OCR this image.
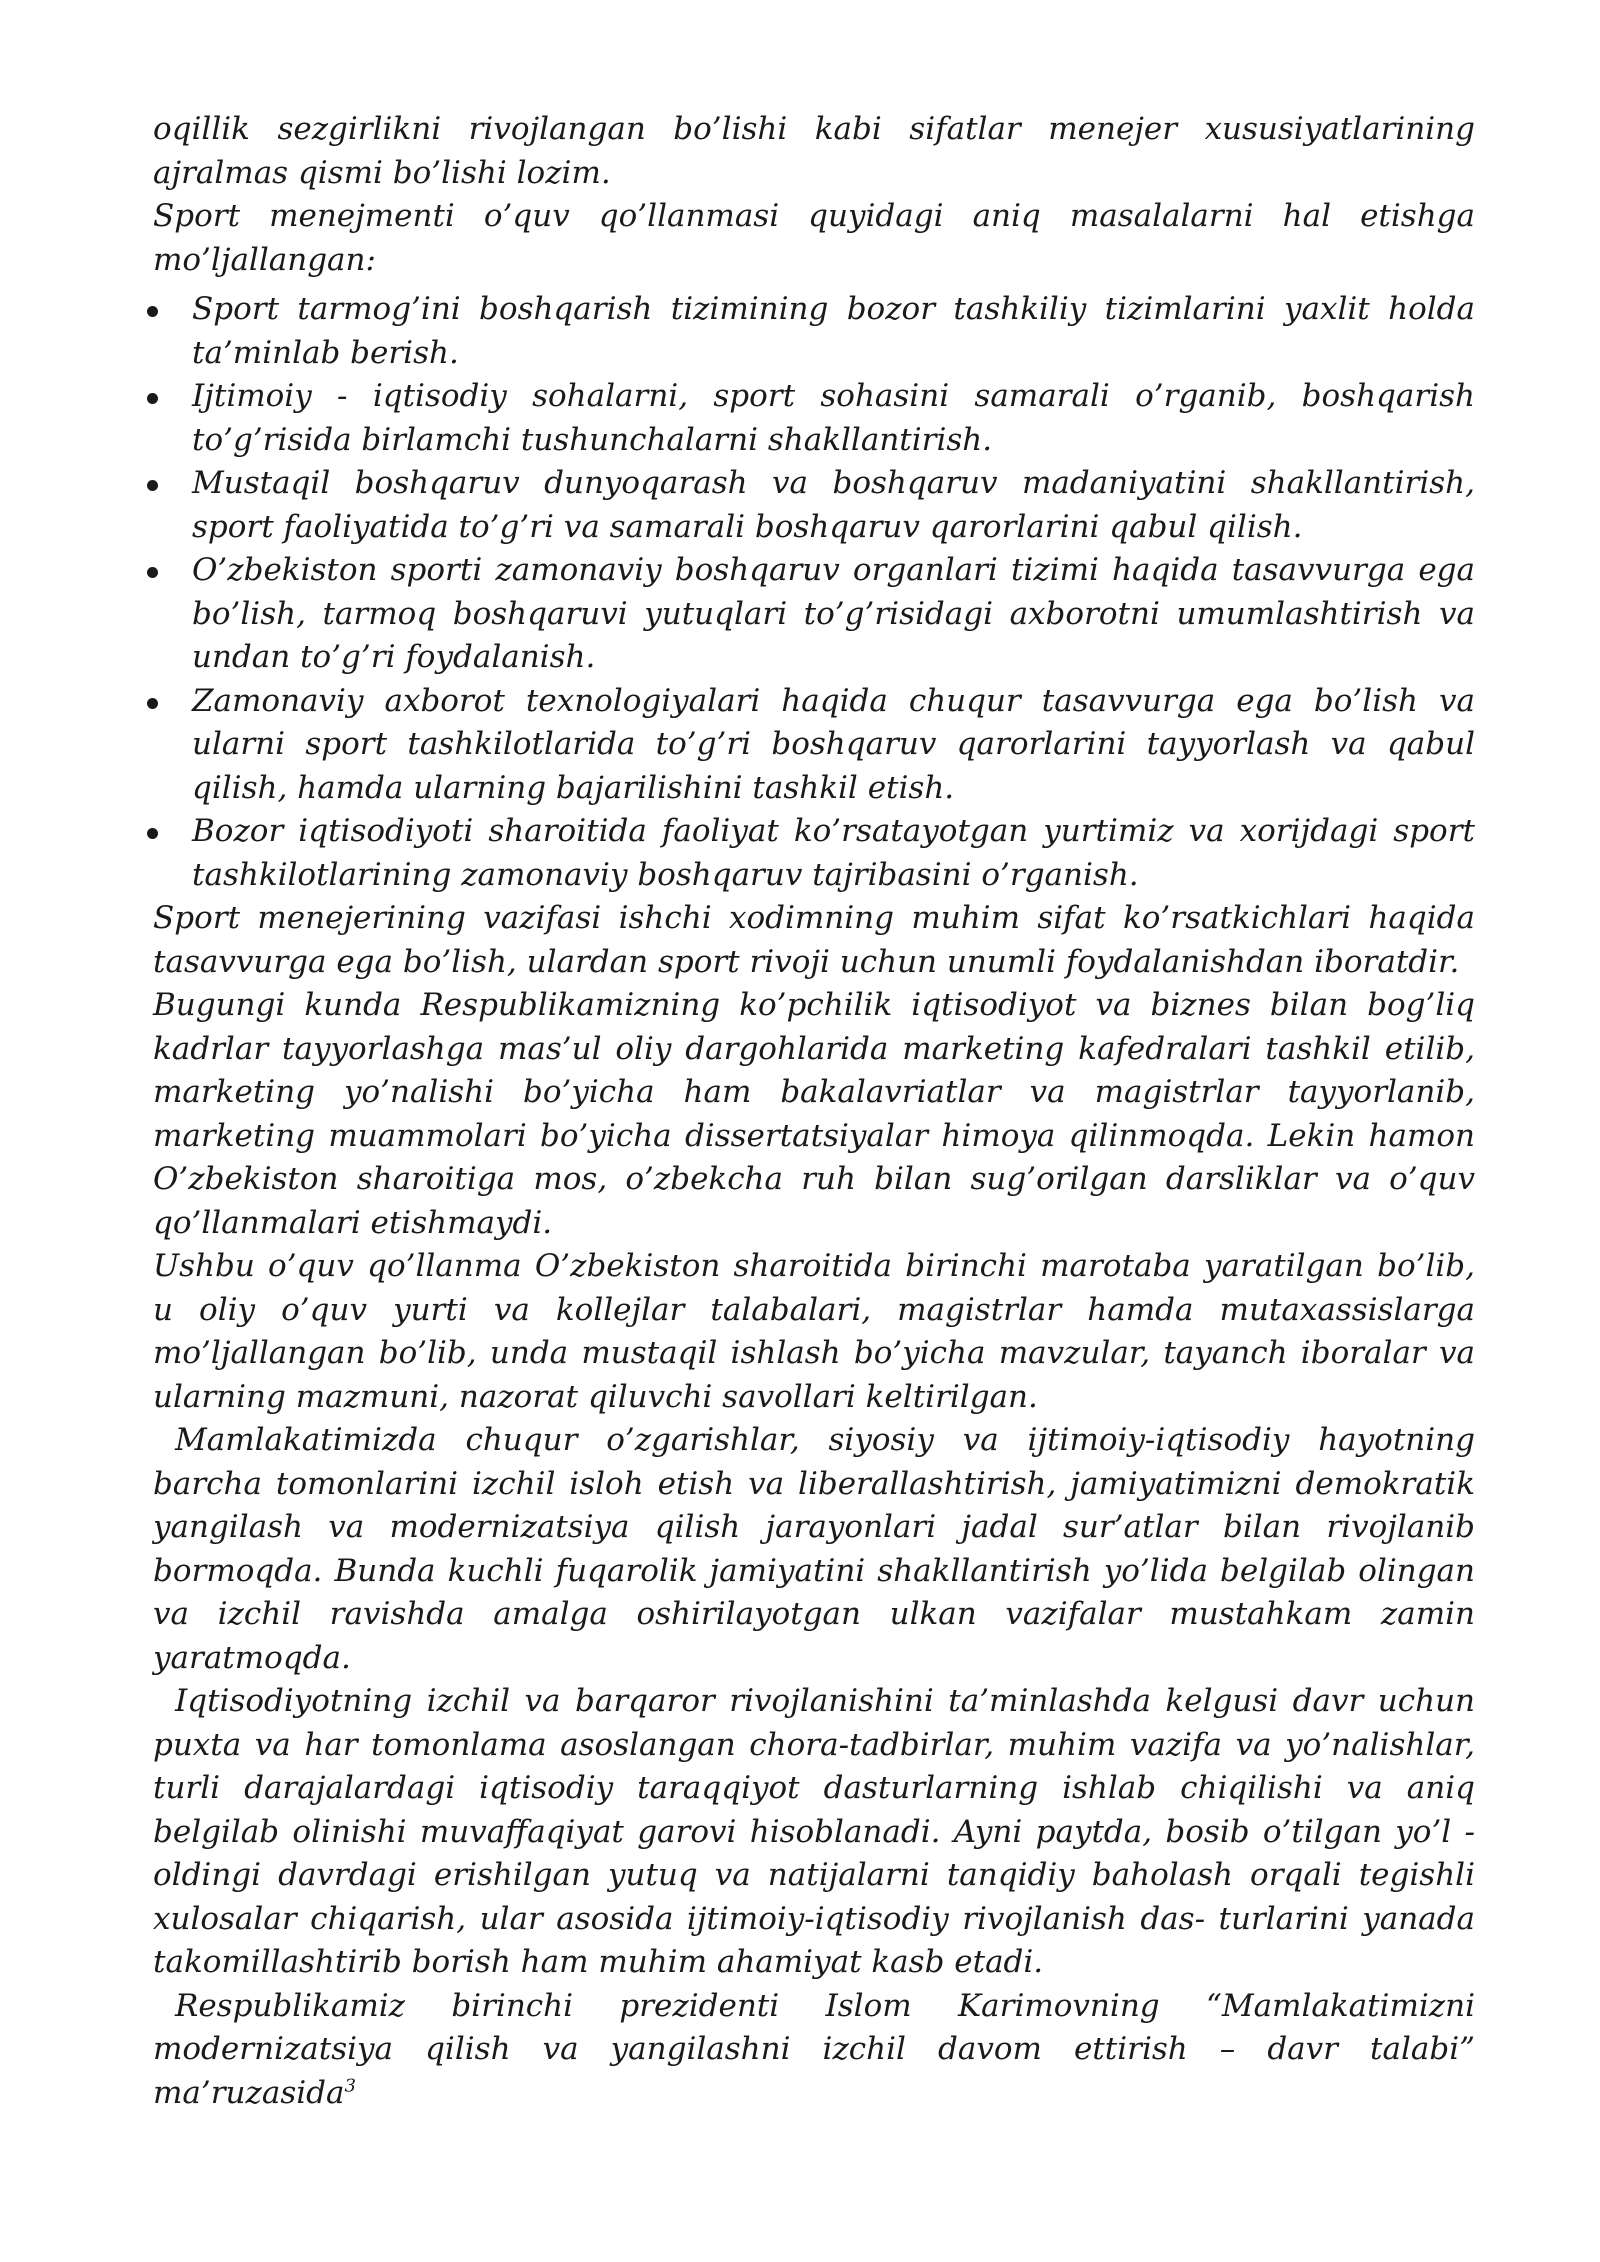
oqillik sezgirlikni rivojlangan bo’lishi kabi sifatlar menejer xususiyatlarining ajralmas qismi bo’lishi lozim.

Sport menejmenti o’quv qo’llanmasi quyidagi aniq masalalarni hal etishga mo’ljallangan:

Sport tarmog’ini boshqarish tizimining bozor tashkiliy tizimlarini yaxlit holda ta’minlab berish.
Ijtimoiy - iqtisodiy sohalarni, sport sohasini samarali o’rganib, boshqarish to’g’risida birlamchi tushunchalarni shakllantirish.
Mustaqil boshqaruv dunyoqarash va boshqaruv madaniyatini shakllantirish, sport faoliyatida to’g’ri va samarali boshqaruv qarorlarini qabul qilish.
O’zbekiston sporti zamonaviy boshqaruv organlari tizimi haqida tasavvurga ega bo’lish, tarmoq boshqaruvi yutuqlari to’g’risidagi axborotni umumlashtirish va undan to’g’ri foydalanish.
Zamonaviy axborot texnologiyalari haqida chuqur tasavvurga ega bo’lish va ularni sport tashkilotlarida to’g’ri boshqaruv qarorlarini tayyorlash va qabul qilish, hamda ularning bajarilishini tashkil etish.
Bozor iqtisodiyoti sharoitida faoliyat ko’rsatayotgan yurtimiz va xorijdagi sport tashkilotlarining zamonaviy boshqaruv tajribasini o’rganish.

Sport menejerining vazifasi ishchi xodimning muhim sifat ko’rsatkichlari haqida tasavvurga ega bo’lish, ulardan sport rivoji uchun unumli foydalanishdan iboratdir.

Bugungi kunda Respublikamizning ko’pchilik iqtisodiyot va biznes bilan bog’liq kadrlar tayyorlashga mas’ul oliy dargohlarida marketing kafedralari tashkil etilib, marketing yo’nalishi bo’yicha ham bakalavriatlar va magistrlar tayyorlanib, marketing muammolari bo’yicha dissertatsiyalar himoya qilinmoqda. Lekin hamon O’zbekiston sharoitiga mos, o’zbekcha ruh bilan sug’orilgan darsliklar va o’quv qo’llanmalari etishmaydi.

Ushbu o’quv qo’llanma O’zbekiston sharoitida birinchi marotaba yaratilgan bo’lib, u oliy o’quv yurti va kollejlar talabalari, magistrlar hamda mutaxassislarga mo’ljallangan bo’lib, unda mustaqil ishlash bo’yicha mavzular, tayanch iboralar va ularning mazmuni, nazorat qiluvchi savollari keltirilgan.

Mamlakatimizda chuqur o’zgarishlar, siyosiy va ijtimoiy-iqtisodiy hayotning barcha tomonlarini izchil isloh etish va liberallashtirish, jamiyatimizni demokratik yangilash va modernizatsiya qilish jarayonlari jadal sur’atlar bilan rivojlanib bormoqda. Bunda kuchli fuqarolik jamiyatini shakllantirish yo’lida belgilab olingan va izchil ravishda amalga oshirilayotgan ulkan vazifalar mustahkam zamin yaratmoqda.

Iqtisodiyotning izchil va barqaror rivojlanishini ta’minlashda kelgusi davr uchun puxta va har tomonlama asoslangan chora-tadbirlar, muhim vazifa va yo’nalishlar, turli darajalardagi iqtisodiy taraqqiyot dasturlarning ishlab chiqilishi va aniq belgilab olinishi muvaffaqiyat garovi hisoblanadi. Ayni paytda, bosib o’tilgan yo’l - oldingi davrdagi erishilgan yutuq va natijalarni tanqidiy baholash orqali tegishli xulosalar chiqarish, ular asosida ijtimoiy-iqtisodiy rivojlanish das- turlarini yanada takomillashtirib borish ham muhim ahamiyat kasb etadi.

Respublikamiz birinchi prezidenti Islom Karimovning “Mamlakatimizni modernizatsiya qilish va yangilashni izchil davom ettirish – davr talabi” ma’ruzasida$^3$
